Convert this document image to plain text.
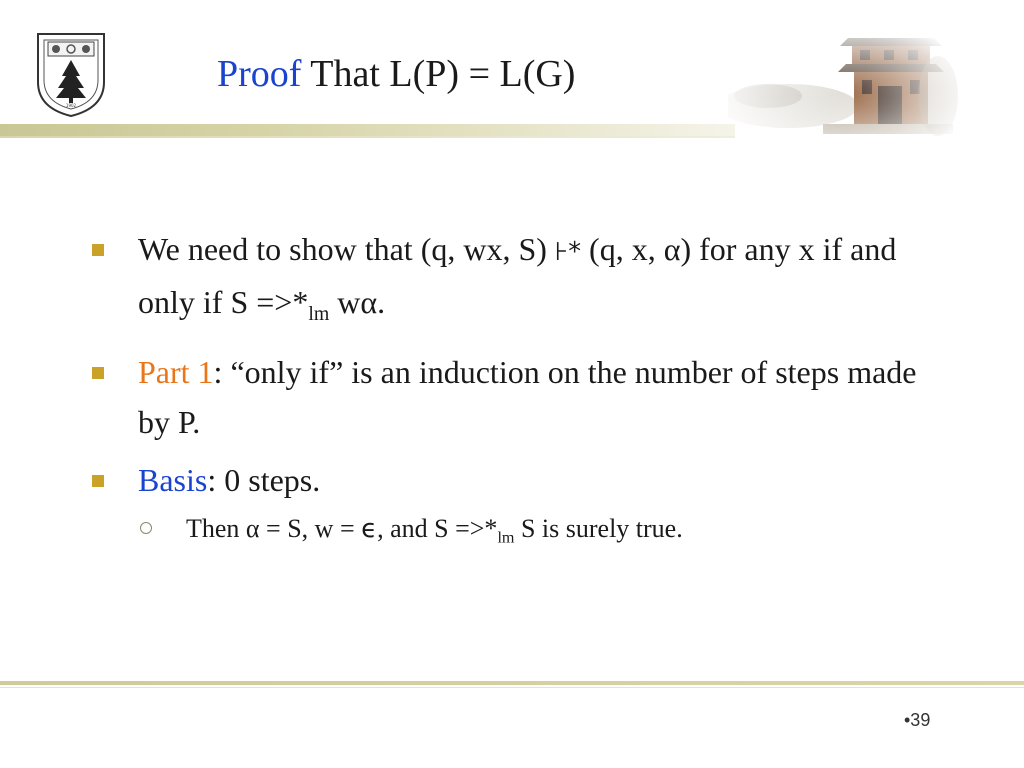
1902
Proof That L(P) = L(G)
We need to show that (q, wx, S) ⊦* (q, x, α) for any x if and only if $S =>*_{lm}$ wα.
Part 1: “only if” is an induction on the number of steps made by P.
Basis: 0 steps.
Then α = S, w = ϵ, and $S =>*_{lm}$ S is surely true.
•39
